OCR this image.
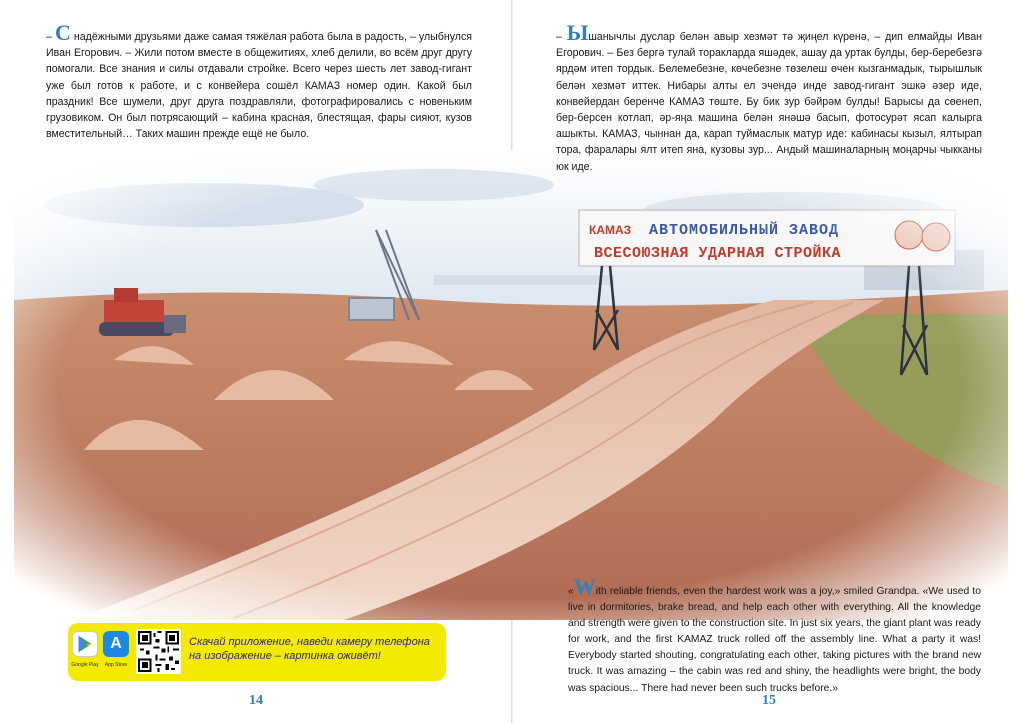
– С надёжными друзьями даже самая тяжёлая работа была в радость, – улыбнулся Иван Егорович. – Жили потом вместе в общежитиях, хлеб делили, во всём друг другу помогали. Все знания и силы отдавали стройке. Всего через шесть лет завод-гигант уже был готов к работе, и с конвейера сошёл КАМАЗ номер один. Какой был праздник! Все шумели, друг друга поздравляли, фотографировались с новеньким грузовиком. Он был потрясающий – кабина красная, блестящая, фары сияют, кузов вместительный… Таких машин прежде ещё не было.
– Ышанычлы дуслар белән авыр хезмәт тә җиңел күренә, – дип елмайды Иван Егорович. – Без бергә тулай торакларда яшәдек, ашау да уртак булды, бер-беребезгә ярдәм итеп тордык. Белемебезне, көчебезне төзелеш өчен кызганмадык, тырышлык белән хезмәт иттек. Нибары алты ел эчендә инде завод-гигант эшкә әзер иде, конвейердан беренче КАМАЗ төште. Бу бик зур бәйрәм булды! Барысы да сөенеп, бер-берсен котлап, әр-яңа машина белән янәшә басып, фотосурәт ясап калырга ашыкты. КАМАЗ, чыннан да, карап туймаслык матур иде: кабинасы кызыл, ялтырап тора, фаралары ялт итеп яна, кузовы зур... Андый машиналарның моңарчы чыкканы юк иде.
«With reliable friends, even the hardest work was a joy,» smiled Grandpa. «We used to live in dormitories, brake bread, and help each other with everything. All the knowledge and strength were given to the construction site. In just six years, the giant plant was ready for work, and the first KAMAZ truck rolled off the assembly line. What a party it was! Everybody started shouting, congratulating each other, taking pictures with the brand new truck. It was amazing – the cabin was red and shiny, the headlights were bright, the body was spacious... There had never been such trucks before.»
Google Play
A
App Store
Скачай приложение, наведи камеру телефона на изображение – картинка оживёт!
14	15
